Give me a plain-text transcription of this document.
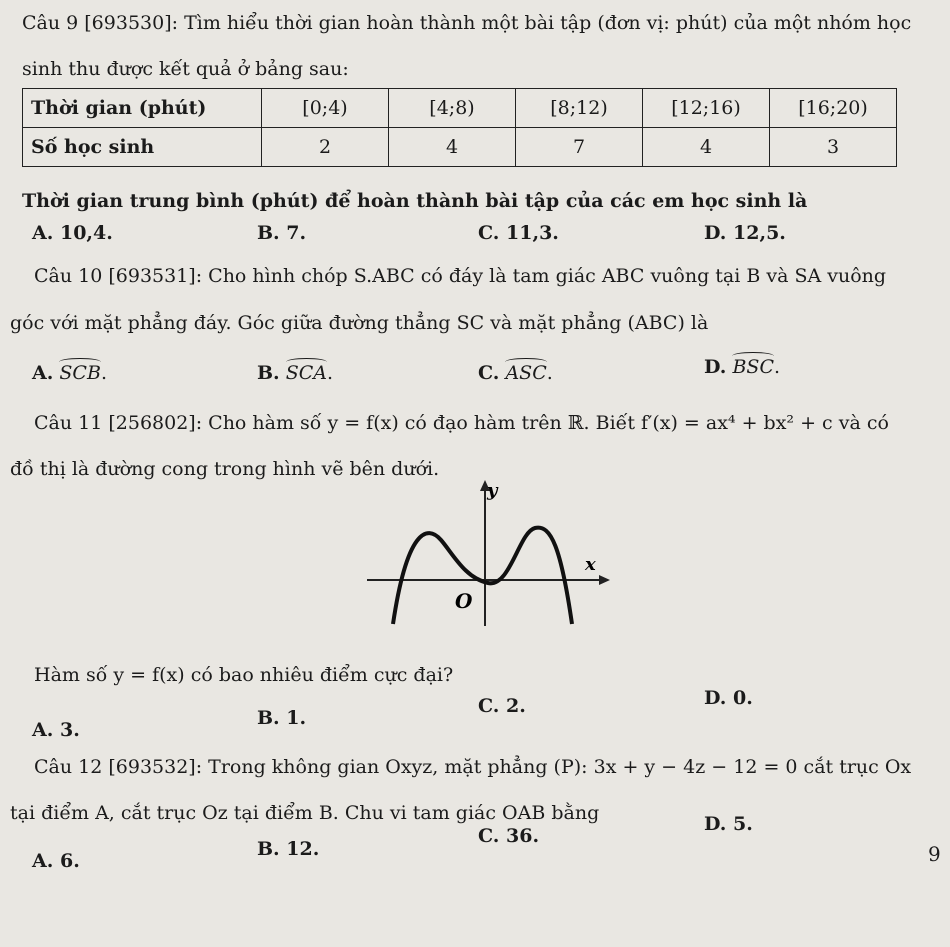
Câu 9 [693530]: Tìm hiểu thời gian hoàn thành một bài tập (đơn vị: phút) của một nhóm học
sinh thu được kết quả ở bảng sau:
Thời gian (phút)	[0;4)	[4;8)	[8;12)	[12;16)	[16;20)
Số học sinh	2	4	7	4	3
Thời gian trung bình (phút) để hoàn thành bài tập của các em học sinh là
A. 10,4.	B. 7.	C. 11,3.	D. 12,5.
Câu 10 [693531]: Cho hình chóp S.ABC có đáy là tam giác ABC vuông tại B và SA vuông
góc với mặt phẳng đáy. Góc giữa đường thẳng SC và mặt phẳng (ABC) là
A. SCB.	B. SCA.	C. ASC.	D. BSC.
Câu 11 [256802]: Cho hàm số y = f(x) có đạo hàm trên ℝ. Biết f′(x) = ax⁴ + bx² + c và có
đồ thị là đường cong trong hình vẽ bên dưới.
y
x
O
Hàm số y = f(x) có bao nhiêu điểm cực đại?
D. 0.
C. 2.
B. 1.
A. 3.
Câu 12 [693532]: Trong không gian Oxyz, mặt phẳng (P): 3x + y − 4z − 12 = 0 cắt trục Ox
tại điểm A, cắt trục Oz tại điểm B. Chu vi tam giác OAB bằng	D. 5.
C. 36.
B. 12.
A. 6.	9
